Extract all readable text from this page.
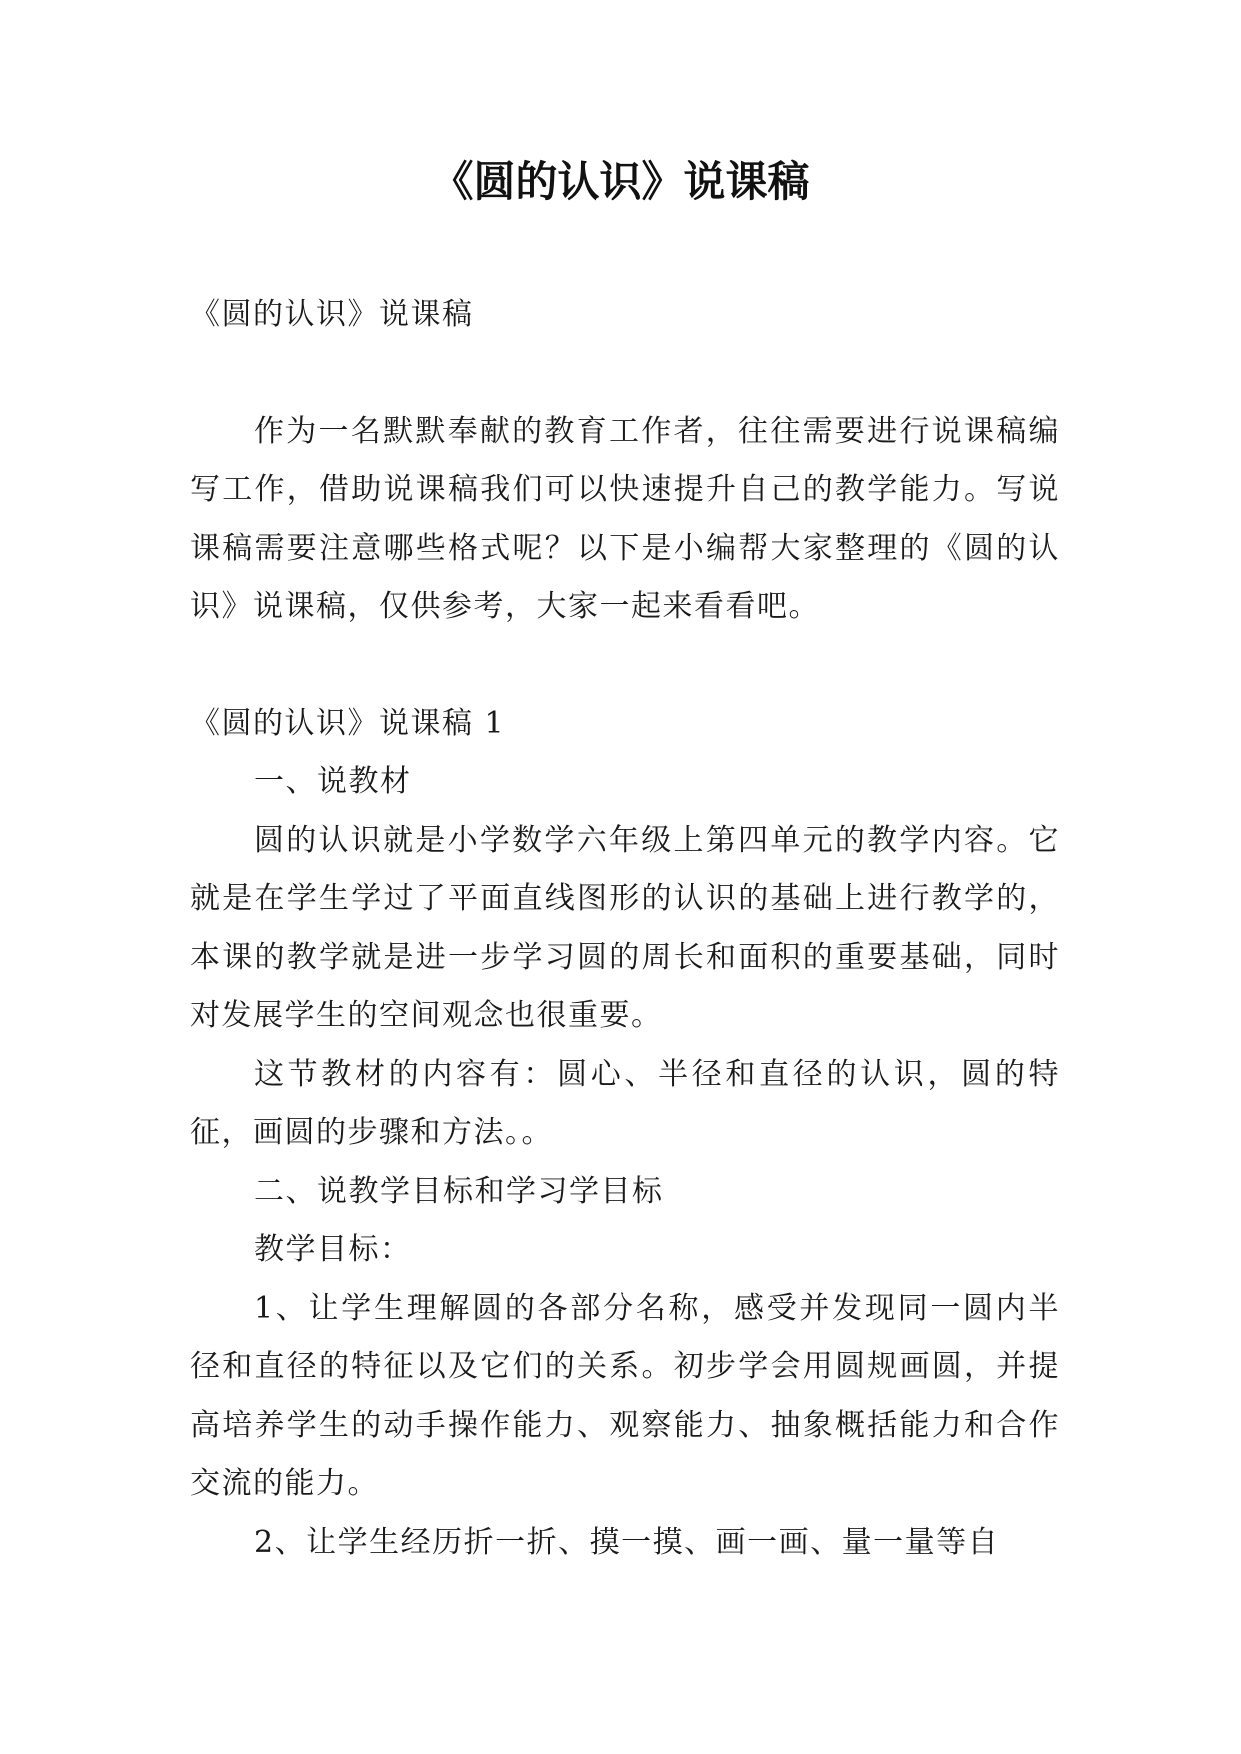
《圆的认识》说课稿

《圆的认识》说课稿

作为一名默默奉献的教育工作者，往往需要进行说课稿编写工作，借助说课稿我们可以快速提升自己的教学能力。写说课稿需要注意哪些格式呢？以下是小编帮大家整理的《圆的认识》说课稿，仅供参考，大家一起来看看吧。

《圆的认识》说课稿 1

一、说教材

圆的认识就是小学数学六年级上第四单元的教学内容。它就是在学生学过了平面直线图形的认识的基础上进行教学的，本课的教学就是进一步学习圆的周长和面积的重要基础，同时对发展学生的空间观念也很重要。

这节教材的内容有：圆心、半径和直径的认识，圆的特征，画圆的步骤和方法。。

二、说教学目标和学习学目标

教学目标：

1、让学生理解圆的各部分名称，感受并发现同一圆内半径和直径的特征以及它们的关系。初步学会用圆规画圆，并提高培养学生的动手操作能力、观察能力、抽象概括能力和合作交流的能力。

2、让学生经历折一折、摸一摸、画一画、量一量等自
